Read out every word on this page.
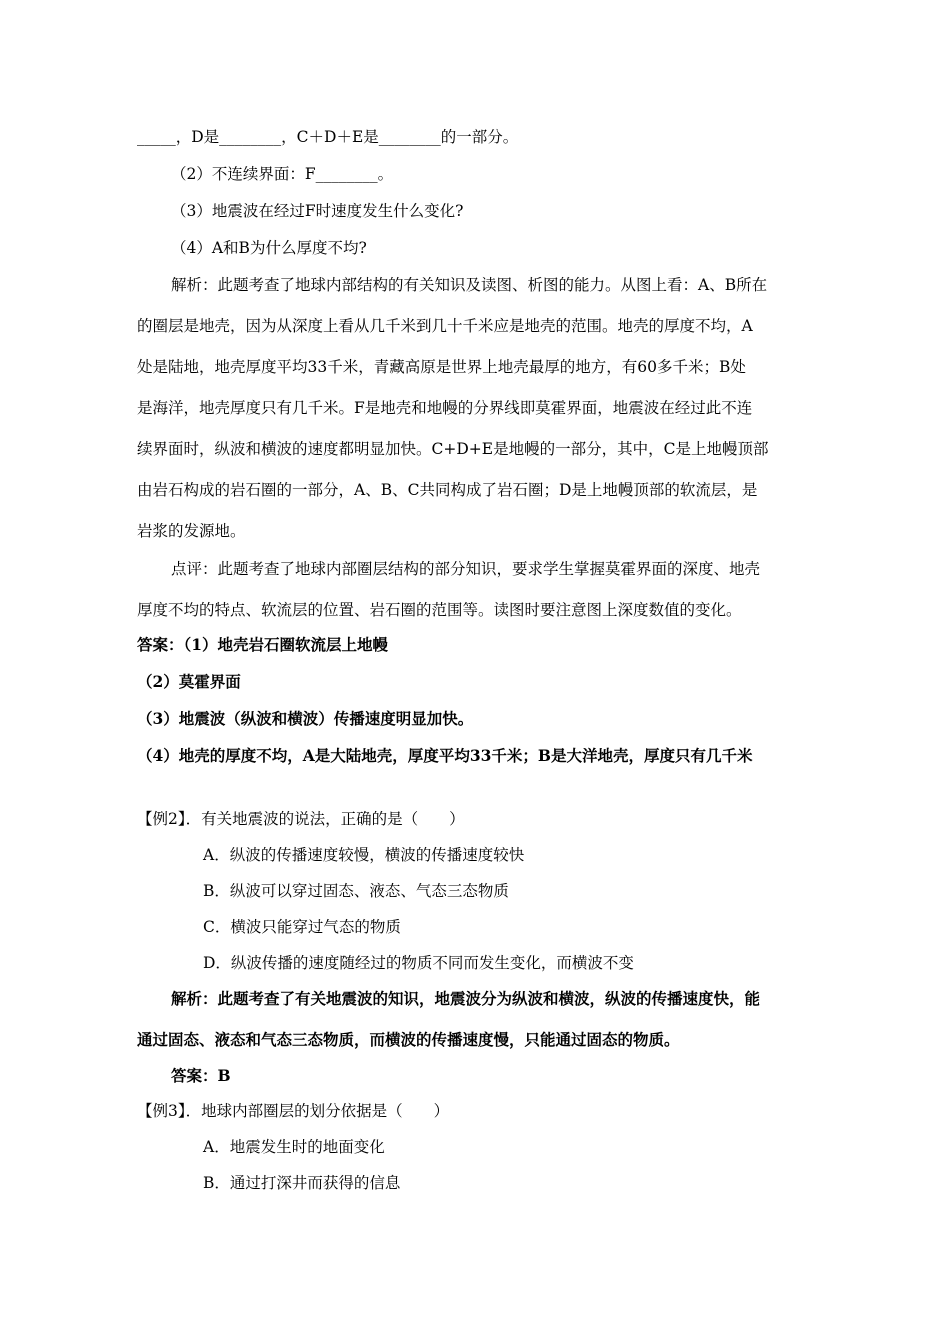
_____，D是________，C＋D＋E是________的一部分。
（2）不连续界面：F________。
（3）地震波在经过F时速度发生什么变化?
（4）A和B为什么厚度不均?
解析：此题考查了地球内部结构的有关知识及读图、析图的能力。从图上看：A、B所在
的圈层是地壳，因为从深度上看从几千米到几十千米应是地壳的范围。地壳的厚度不均，A
处是陆地，地壳厚度平均33千米，青藏高原是世界上地壳最厚的地方，有60多千米；B处
是海洋，地壳厚度只有几千米。F是地壳和地幔的分界线即莫霍界面，地震波在经过此不连
续界面时，纵波和横波的速度都明显加快。C+D+E是地幔的一部分，其中，C是上地幔顶部
由岩石构成的岩石圈的一部分，A、B、C共同构成了岩石圈；D是上地幔顶部的软流层，是
岩浆的发源地。
点评：此题考查了地球内部圈层结构的部分知识，要求学生掌握莫霍界面的深度、地壳
厚度不均的特点、软流层的位置、岩石圈的范围等。读图时要注意图上深度数值的变化。
答案：（1）地壳岩石圈软流层上地幔
（2）莫霍界面
（3）地震波（纵波和横波）传播速度明显加快。
（4）地壳的厚度不均，A是大陆地壳，厚度平均33千米；B是大洋地壳，厚度只有几千米
【例2】．有关地震波的说法，正确的是（　　）
A．纵波的传播速度较慢，横波的传播速度较快
B．纵波可以穿过固态、液态、气态三态物质
C．横波只能穿过气态的物质
D．纵波传播的速度随经过的物质不同而发生变化，而横波不变
解析：此题考查了有关地震波的知识，地震波分为纵波和横波，纵波的传播速度快，能
通过固态、液态和气态三态物质，而横波的传播速度慢，只能通过固态的物质。
答案：B
【例3】．地球内部圈层的划分依据是（　　）
A．地震发生时的地面变化
B．通过打深井而获得的信息
